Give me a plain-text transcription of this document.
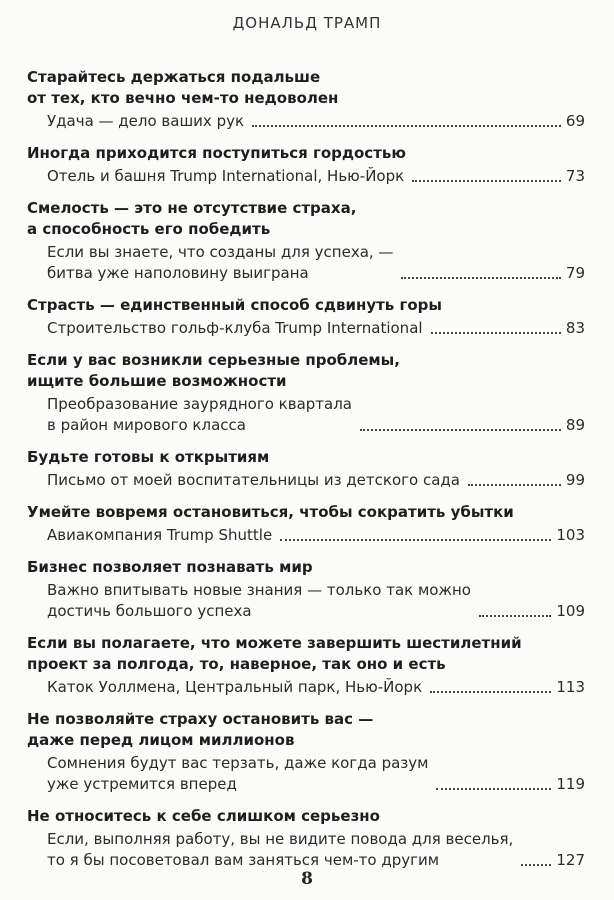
ДОНАЛЬД ТРАМП
Старайтесь держаться подальше
от тех, кто вечно чем-то недоволен
Удача — дело ваших рук	69
Иногда приходится поступиться гордостью
Отель и башня Trump International, Нью-Йорк	73
Смелость — это не отсутствие страха,
а способность его победить
Если вы знаете, что созданы для успеха, —
битва уже наполовину выиграна	79
Страсть — единственный способ сдвинуть горы
Строительство гольф-клуба Trump International	83
Если у вас возникли серьезные проблемы,
ищите большие возможности
Преобразование заурядного квартала
в район мирового класса	89
Будьте готовы к открытиям
Письмо от моей воспитательницы из детского сада	99
Умейте вовремя остановиться, чтобы сократить убытки
Авиакомпания Trump Shuttle	103
Бизнес позволяет познавать мир
Важно впитывать новые знания — только так можно
достичь большого успеха	109
Если вы полагаете, что можете завершить шестилетний
проект за полгода, то, наверное, так оно и есть
Каток Уоллмена, Центральный парк, Нью-Йорк	113
Не позволяйте страху остановить вас —
даже перед лицом миллионов
Сомнения будут вас терзать, даже когда разум
уже устремится вперед	119
Не относитесь к себе слишком серьезно
Если, выполняя работу, вы не видите повода для веселья,
то я бы посоветовал вам заняться чем-то другим	127
8
